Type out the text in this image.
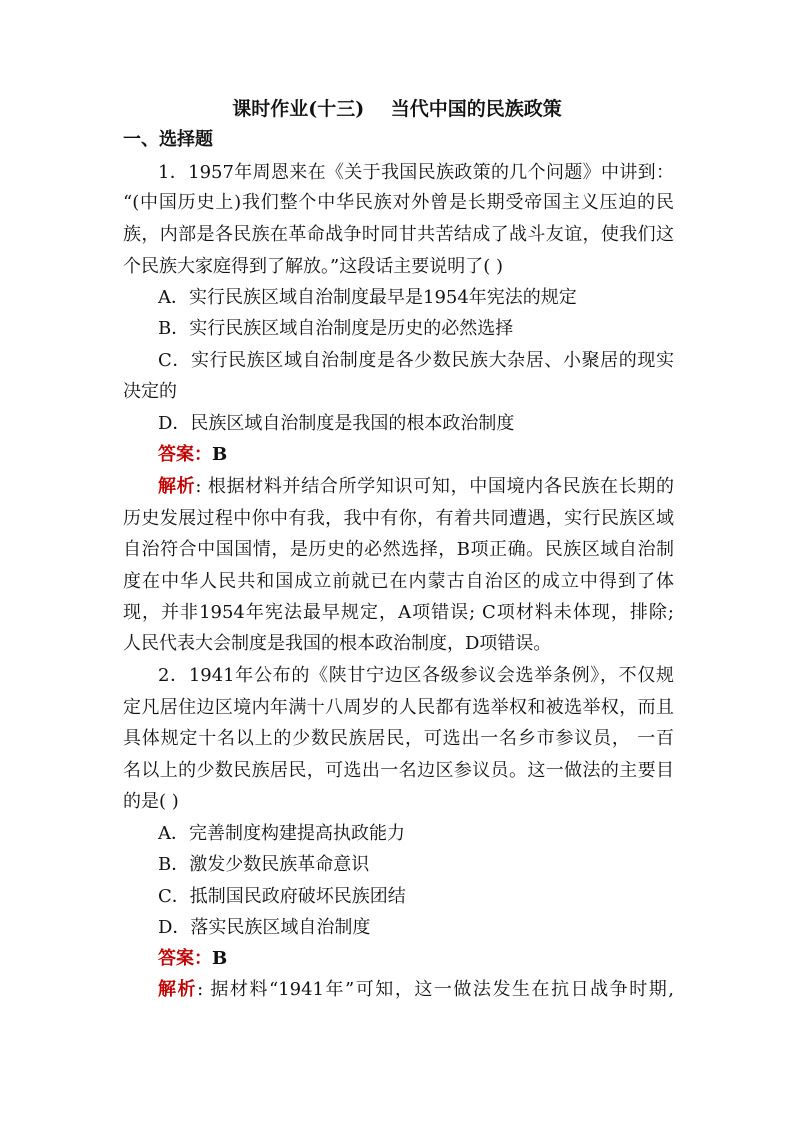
课时作业(十三)    当代中国的民族政策
一、选择题
1．1957年周恩来在《关于我国民族政策的几个问题》中讲到：
“(中国历史上)我们整个中华民族对外曾是长期受帝国主义压迫的民
族，内部是各民族在革命战争时同甘共苦结成了战斗友谊，使我们这
个民族大家庭得到了解放。”这段话主要说明了( )
A．实行民族区域自治制度最早是1954年宪法的规定
B．实行民族区域自治制度是历史的必然选择
C．实行民族区域自治制度是各少数民族大杂居、小聚居的现实
决定的
D．民族区域自治制度是我国的根本政治制度
答案：B
解析: 根据材料并结合所学知识可知，中国境内各民族在长期的
历史发展过程中你中有我，我中有你，有着共同遭遇，实行民族区域
自治符合中国国情，是历史的必然选择，B项正确。民族区域自治制
度在中华人民共和国成立前就已在内蒙古自治区的成立中得到了体
现，并非1954年宪法最早规定，A项错误; C项材料未体现，排除;
人民代表大会制度是我国的根本政治制度，D项错误。
2．1941年公布的《陕甘宁边区各级参议会选举条例》，不仅规
定凡居住边区境内年满十八周岁的人民都有选举权和被选举权，而且
具体规定十名以上的少数民族居民，可选出一名乡市参议员， 一百
名以上的少数民族居民，可选出一名边区参议员。这一做法的主要目
的是( )
A．完善制度构建提高执政能力
B．激发少数民族革命意识
C．抵制国民政府破坏民族团结
D．落实民族区域自治制度
答案：B
解析: 据材料“1941年”可知，这一做法发生在抗日战争时期,
